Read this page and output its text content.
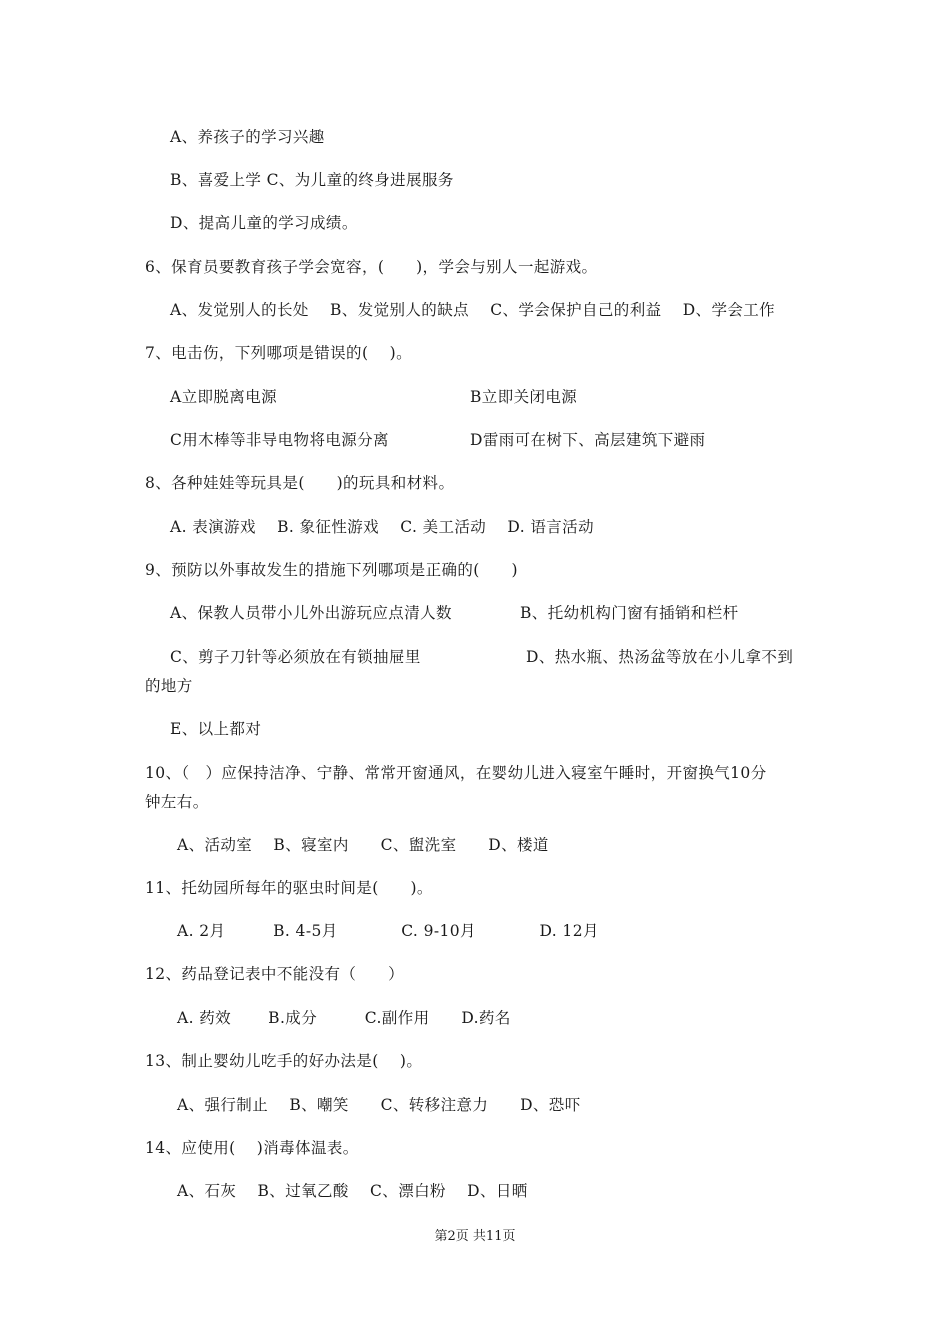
A、养孩子的学习兴趣
B、喜爱上学 C、为儿童的终身进展服务
D、提高儿童的学习成绩。
6、保育员要教育孩子学会宽容，(　　)，学会与别人一起游戏。
A、发觉别人的长处　 B、发觉别人的缺点　 C、学会保护自己的利益　 D、学会工作
7、电击伤，下列哪项是错误的(　 )。
A立即脱离电源	B立即关闭电源
C用木棒等非导电物将电源分离	D雷雨可在树下、高层建筑下避雨
8、各种娃娃等玩具是(　　)的玩具和材料。
A. 表演游戏　 B. 象征性游戏　 C. 美工活动　 D. 语言活动
9、预防以外事故发生的措施下列哪项是正确的(　　)
A、保教人员带小儿外出游玩应点清人数	B、托幼机构门窗有插销和栏杆
C、剪子刀针等必须放在有锁抽屉里	D、热水瓶、热汤盆等放在小儿拿不到
的地方
E、以上都对
10、（　）应保持洁净、宁静、常常开窗通风，在婴幼儿进入寝室午睡时，开窗换气10分
钟左右。
A、活动室　 B、寝室内　　C、盥洗室　　D、楼道
11、托幼园所每年的驱虫时间是(　　)。
A. 2月　　　B. 4-5月　　　　C. 9-10月　　　　D. 12月
12、药品登记表中不能没有（　　）
A. 药效　　 B.成分　　　C.副作用　　D.药名
13、制止婴幼儿吃手的好办法是(　 )。
A、强行制止　 B、嘲笑　　C、转移注意力　　D、恐吓
14、应使用(　 )消毒体温表。
A、石灰　 B、过氧乙酸　 C、漂白粉　 D、日晒
第2页 共11页
